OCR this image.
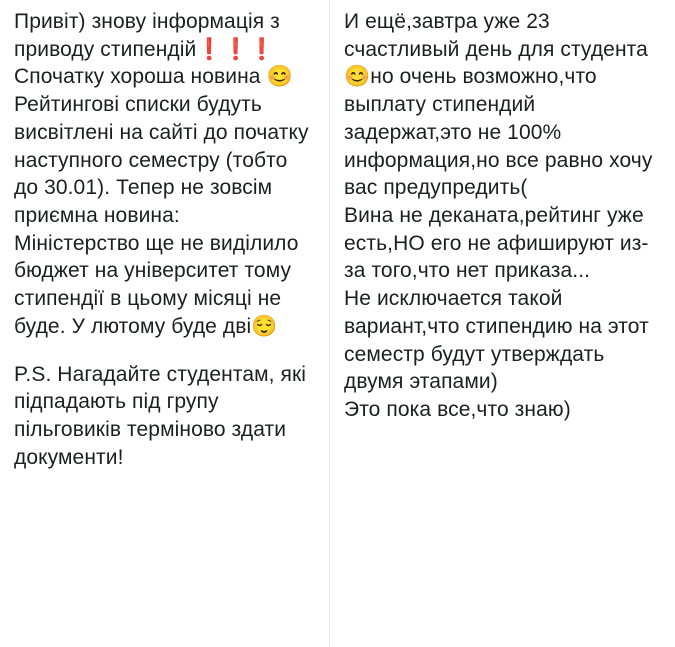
Привіт) знову інформація з приводу стипендій❗❗❗

Спочатку хороша новина 😊

Рейтингові списки будуть висвітлені на сайті до початку наступного семестру (тобто до 30.01). Тепер не зовсім приємна новина:

Міністерство ще не виділило бюджет на університет тому стипендії в цьому місяці не буде. У лютому буде дві😌

P.S. Нагадайте студентам, які підпадають під групу пільговиків терміново здати документи!

И ещё,завтра уже 23 счастливый день для студента😊но очень возможно,что выплату стипендий задержат,это не 100% информация,но все равно хочу вас предупредить(

Вина не деканата,рейтинг уже есть,НО его не афишируют из-за того,что нет приказа...

Не исключается такой вариант,что стипендию на этот семестр будут утверждать двумя этапами)

Это пока все,что знаю)
